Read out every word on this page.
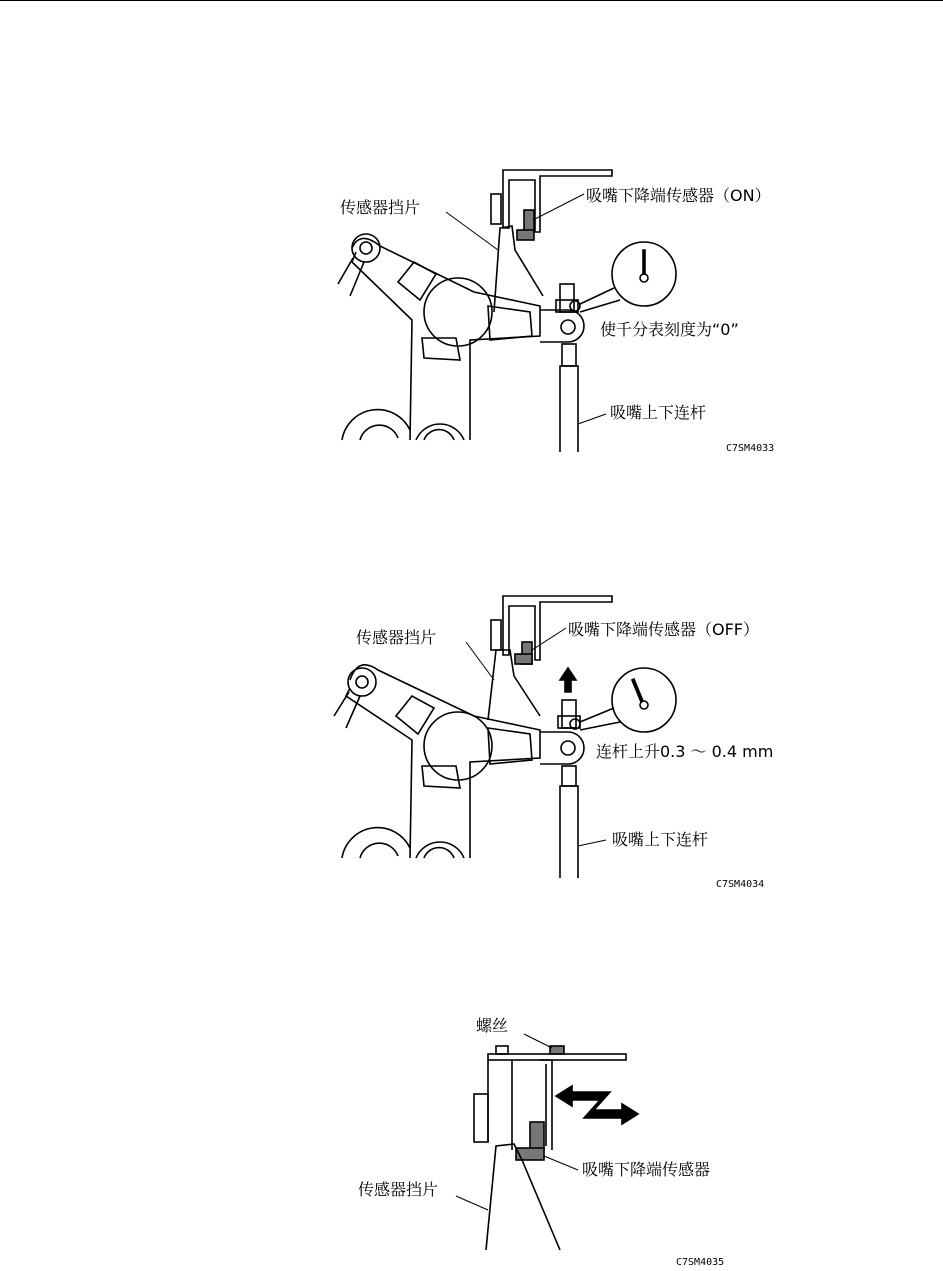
传感器挡片
吸嘴下降端传感器（ON）
使千分表刻度为“0”
吸嘴上下连杆
C7SM4033
传感器挡片	吸嘴下降端传感器（OFF）
连杆上升0.3 ～ 0.4 mm
吸嘴上下连杆
C7SM4034
螺丝
吸嘴下降端传感器
传感器挡片
C7SM4035
